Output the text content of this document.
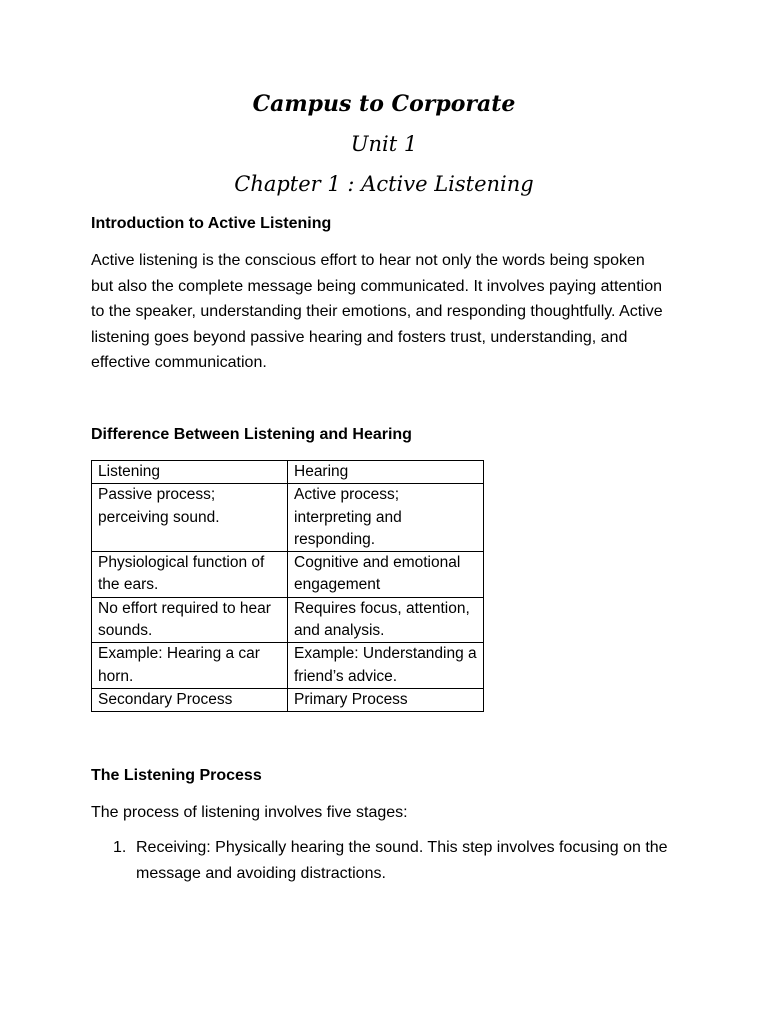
Campus to Corporate
Unit 1
Chapter 1 : Active Listening
Introduction to Active Listening
Active listening is the conscious effort to hear not only the words being spoken but also the complete message being communicated. It involves paying attention to the speaker, understanding their emotions, and responding thoughtfully. Active listening goes beyond passive hearing and fosters trust, understanding, and effective communication.
Difference Between Listening and Hearing
Listening	Hearing
Passive process; perceiving sound.	Active process; interpreting and responding.
Physiological function of the ears.	Cognitive and emotional engagement
No effort required to hear sounds.	Requires focus, attention, and analysis.
Example: Hearing a car horn.	Example: Understanding a friend’s advice.
Secondary Process	Primary Process
The Listening Process
The process of listening involves five stages:
1. Receiving: Physically hearing the sound. This step involves focusing on the message and avoiding distractions.
